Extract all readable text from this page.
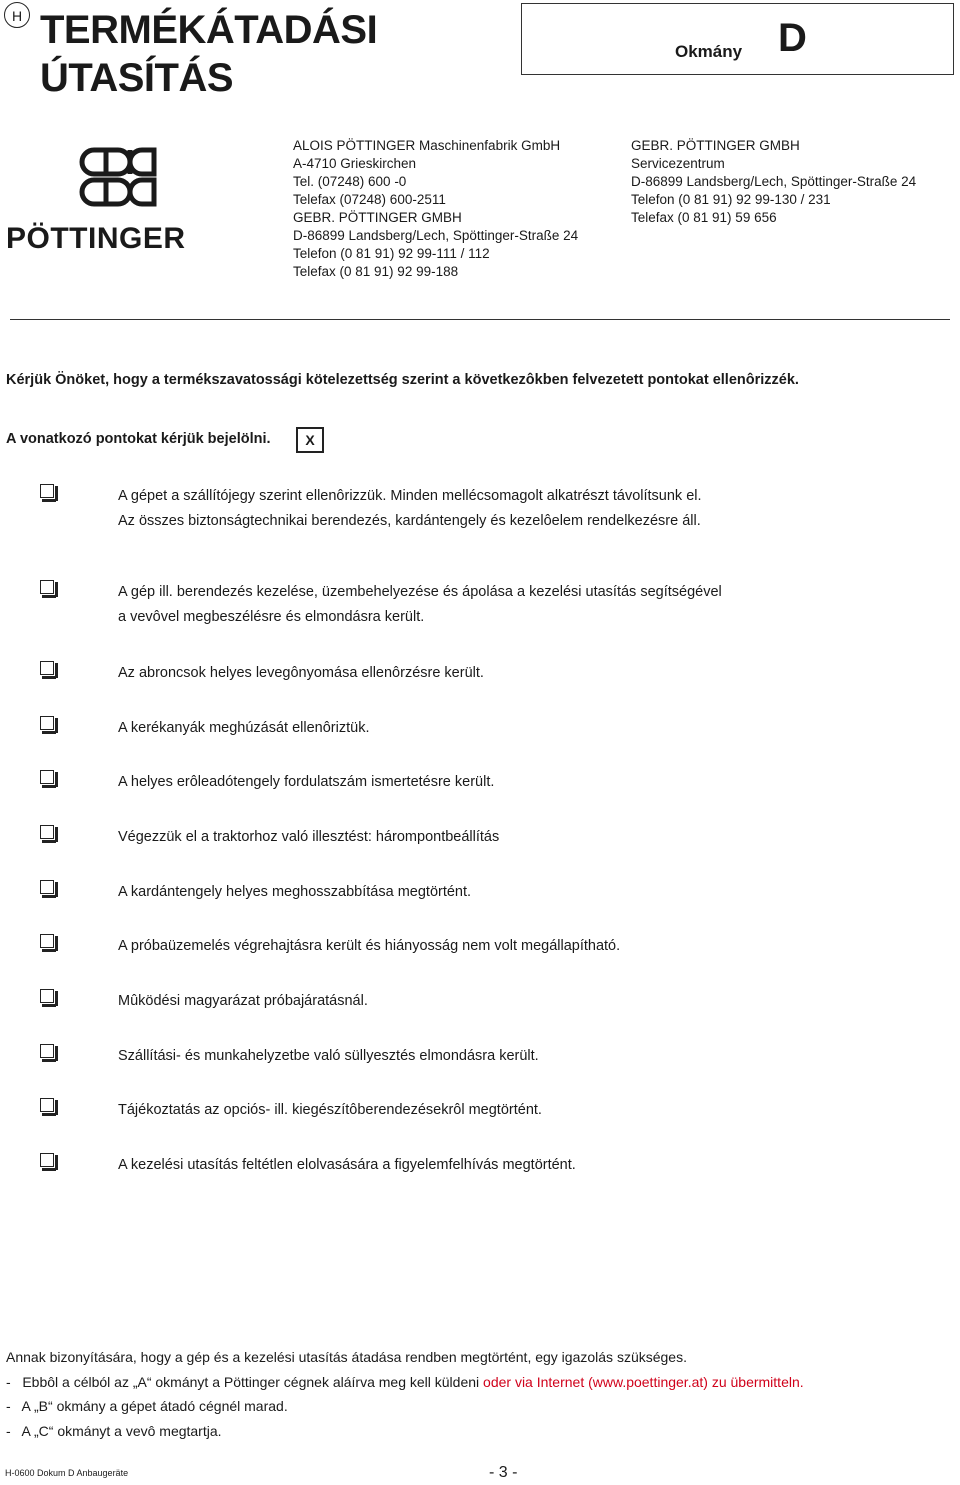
H TERMÉKÁTADÁSI
ÚTASÍTÁS
Okmány D
PÖTTINGER

ALOIS PÖTTINGER Maschinenfabrik GmbH

A-4710 Grieskirchen

Tel. (07248) 600 -0

Telefax (07248) 600-2511

GEBR. PÖTTINGER GMBH

D-86899 Landsberg/Lech, Spöttinger-Straße 24

Telefon (0 81 91) 92 99-111 / 112

Telefax (0 81 91) 92 99-188

GEBR. PÖTTINGER GMBH

Servicezentrum

D-86899 Landsberg/Lech, Spöttinger-Straße 24

Telefon (0 81 91) 92 99-130 / 231

Telefax (0 81 91) 59 656

Kérjük Önöket, hogy a termékszavatossági kötelezettség szerint a következôkben felvezetett pontokat ellenôrizzék.
A vonatkozó pontokat kérjük bejelölni.	X
A gépet a szállítójegy szerint ellenôrizzük. Minden mellécsomagolt alkatrészt távolítsunk el.
Az összes biztonságtechnikai berendezés, kardántengely és kezelôelem rendelkezésre áll.
A gép ill. berendezés kezelése, üzembehelyezése és ápolása a kezelési utasítás segítségével
a vevôvel megbeszélésre és elmondásra került.
Az abroncsok helyes levegônyomása ellenôrzésre került.
A kerékanyák meghúzását ellenôriztük.
A helyes erôleadótengely fordulatszám ismertetésre került.
Végezzük el a traktorhoz való illesztést: hárompontbeállítás
A kardántengely helyes meghosszabbítása megtörtént.
A próbaüzemelés végrehajtásra került és hiányosság nem volt megállapítható.
Mûködési magyarázat próbajáratásnál.
Szállítási- és munkahelyzetbe való süllyesztés elmondásra került.
Tájékoztatás az opciós- ill. kiegészítôberendezésekrôl megtörtént.
A kezelési utasítás feltétlen elolvasására a figyelemfelhívás megtörtént.
Annak bizonyítására, hogy a gép és a kezelési utasítás átadása rendben megtörtént, egy igazolás szükséges.
-   Ebbôl a célból az „A“ okmányt a Pöttinger cégnek aláírva meg kell küldeni oder via Internet (www.poettinger.at) zu übermitteln.
-   A „B“ okmány a gépet átadó cégnél marad.
-   A „C“ okmányt a vevô megtartja.
H-0600 Dokum D Anbaugeräte	- 3 -
